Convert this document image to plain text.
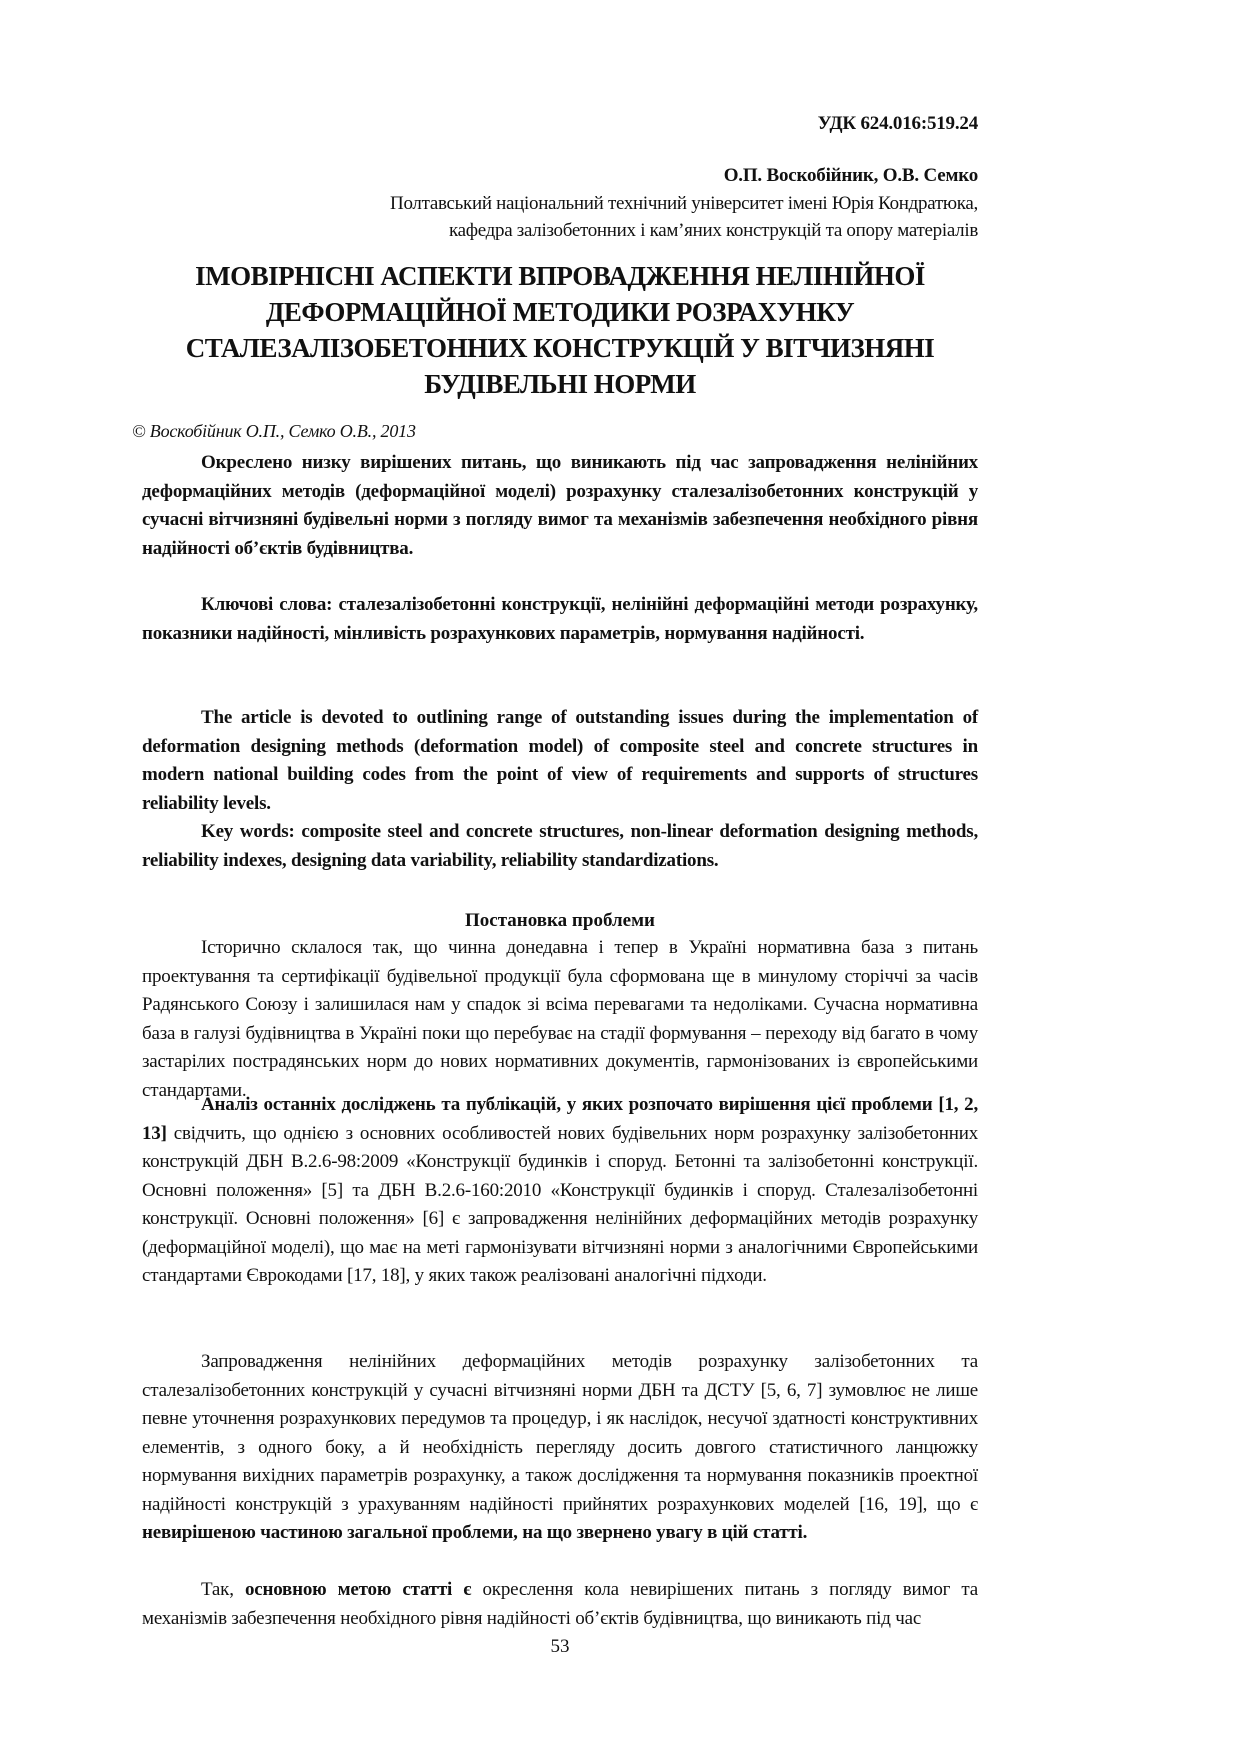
УДК 624.016:519.24
О.П. Воскобійник, О.В. Семко
Полтавський національний технічний університет імені Юрія Кондратюка,
кафедра залізобетонних і кам’яних конструкцій та опору матеріалів
ІМОВІРНІСНІ АСПЕКТИ ВПРОВАДЖЕННЯ НЕЛІНІЙНОЇ
ДЕФОРМАЦІЙНОЇ МЕТОДИКИ РОЗРАХУНКУ
СТАЛЕЗАЛІЗОБЕТОННИХ КОНСТРУКЦІЙ У ВІТЧИЗНЯНІ
БУДІВЕЛЬНІ НОРМИ
© Воскобійник О.П., Семко О.В., 2013
Окреслено низку вирішених питань, що виникають під час запровадження нелінійних деформаційних методів (деформаційної моделі) розрахунку сталезалізобетонних конструкцій у сучасні вітчизняні будівельні норми з погляду вимог та механізмів забезпечення необхідного рівня надійності об’єктів будівництва.
Ключові слова: сталезалізобетонні конструкції, нелінійні деформаційні методи розрахунку, показники надійності, мінливість розрахункових параметрів, нормування надійності.
The article is devoted to outlining range of outstanding issues during the implementation of deformation designing methods (deformation model) of composite steel and concrete structures in modern national building codes from the point of view of requirements and supports of structures reliability levels.
Key words: composite steel and concrete structures, non-linear deformation designing methods, reliability indexes, designing data variability, reliability standardizations.
Постановка проблеми
Історично склалося так, що чинна донедавна і тепер в Україні нормативна база з питань проектування та сертифікації будівельної продукції була сформована ще в минулому сторіччі за часів Радянського Союзу і залишилася нам у спадок зі всіма перевагами та недоліками. Сучасна нормативна база в галузі будівництва в Україні поки що перебуває на стадії формування – переходу від багато в чому застарілих пострадянських норм до нових нормативних документів, гармонізованих із європейськими стандартами.
Аналіз останніх досліджень та публікацій, у яких розпочато вирішення цієї проблеми [1, 2, 13] свідчить, що однією з основних особливостей нових будівельних норм розрахунку залізобетонних конструкцій ДБН В.2.6-98:2009 «Конструкції будинків і споруд. Бетонні та залізобетонні конструкції. Основні положення» [5] та ДБН В.2.6-160:2010 «Конструкції будинків і споруд. Сталезалізобетонні конструкції. Основні положення» [6] є запровадження нелінійних деформаційних методів розрахунку (деформаційної моделі), що має на меті гармонізувати вітчизняні норми з аналогічними Європейськими стандартами Єврокодами [17, 18], у яких також реалізовані аналогічні підходи.
Запровадження нелінійних деформаційних методів розрахунку залізобетонних та сталезалізобетонних конструкцій у сучасні вітчизняні норми ДБН та ДСТУ [5, 6, 7] зумовлює не лише певне уточнення розрахункових передумов та процедур, і як наслідок, несучої здатності конструктивних елементів, з одного боку, а й необхідність перегляду досить довгого статистичного ланцюжку нормування вихідних параметрів розрахунку, а також дослідження та нормування показників проектної надійності конструкцій з урахуванням надійності прийнятих розрахункових моделей [16, 19], що є невирішеною частиною загальної проблеми, на що звернено увагу в цій статті.
Так, основною метою статті є окреслення кола невирішених питань з погляду вимог та механізмів забезпечення необхідного рівня надійності об’єктів будівництва, що виникають під час
53
